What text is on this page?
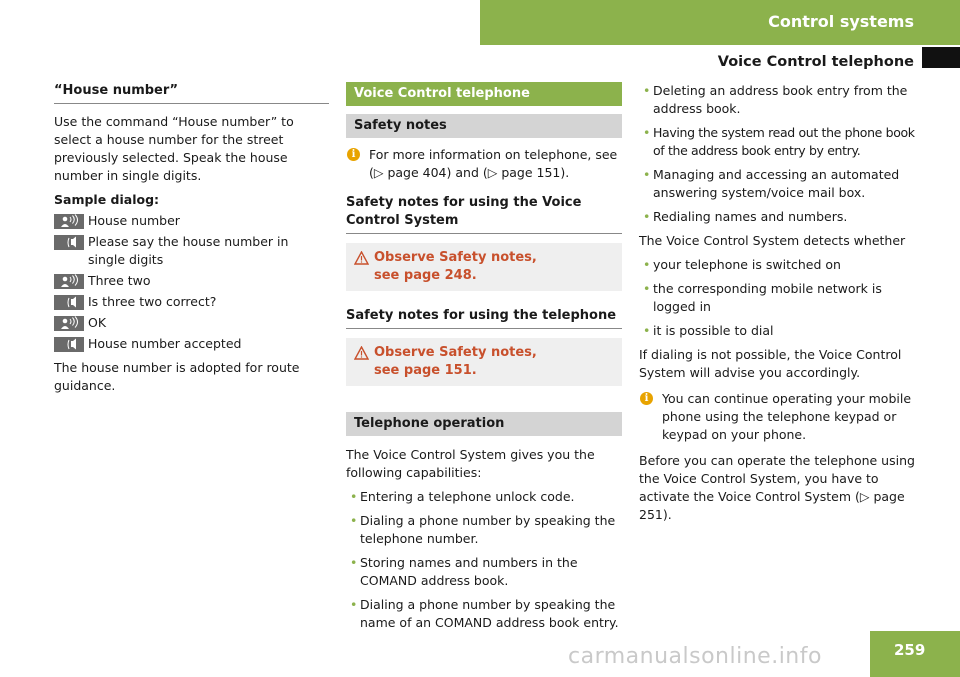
Control systems
Voice Control telephone
“House number”

Use the command “House number” to select a house number for the street previously selected. Speak the house number in single digits.

Sample dialog:

House number
Please say the house number in single digits
Three two
Is three two correct?
OK
House number accepted

The house number is adopted for route guidance.

Voice Control telephone
Safety notes
i	For more information on telephone, see (▷ page 404) and (▷ page 151).
Safety notes for using the Voice Control System
Observe Safety notes, see page 248.
Safety notes for using the telephone
Observe Safety notes, see page 151.
Telephone operation

The Voice Control System gives you the following capabilities:

• Entering a telephone unlock code.
• Dialing a phone number by speaking the telephone number.
• Storing names and numbers in the COMAND address book.
• Dialing a phone number by speaking the name of an COMAND address book entry.
• Deleting an address book entry from the address book.
• Having the system read out the phone book of the address book entry by entry.
• Managing and accessing an automated answering system/voice mail box.
• Redialing names and numbers.

The Voice Control System detects whether

• your telephone is switched on
• the corresponding mobile network is logged in
• it is possible to dial

If dialing is not possible, the Voice Control System will advise you accordingly.

i	You can continue operating your mobile phone using the telephone keypad or keypad on your phone.

Before you can operate the telephone using the Voice Control System, you have to activate the Voice Control System (▷ page 251).

259
carmanualsonline.info
